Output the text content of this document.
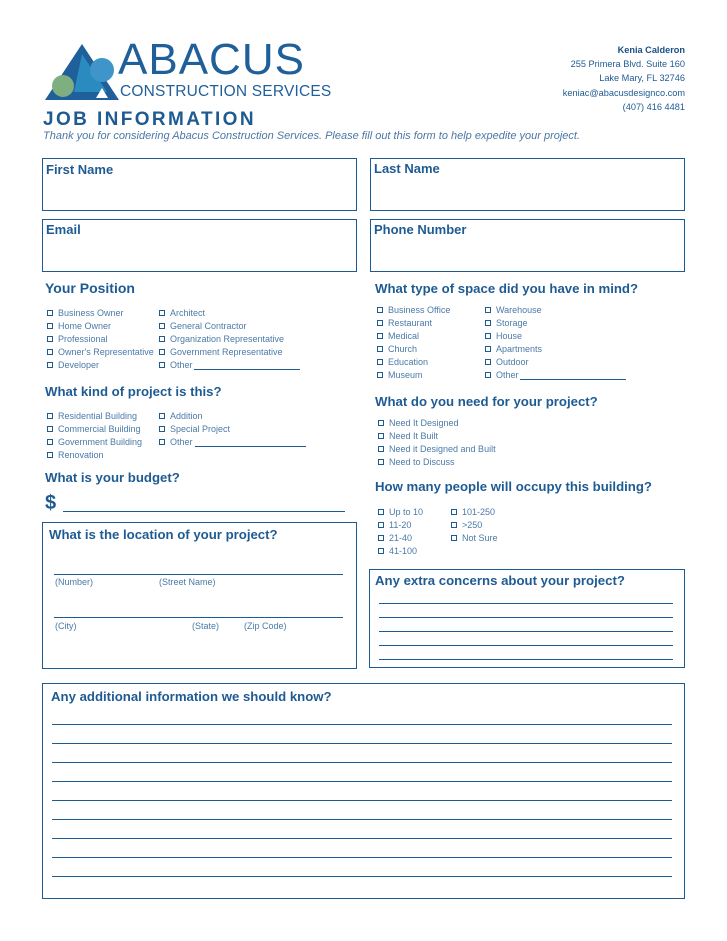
ABACUS
CONSTRUCTION SERVICES
Kenia Calderon
255 Primera Blvd. Suite 160
Lake Mary, FL 32746
keniac@abacusdesignco.com
(407) 416 4481
JOB INFORMATION
Thank you for considering Abacus Construction Services. Please fill out this form to help expedite your project.
First Name	Last Name
Email	Phone Number
Your Position
Business Owner
Home Owner
Professional
Owner's Representative
Developer
Architect
General Contractor
Organization Representative
Government Representative
Other
What kind of project is this?
Residential Building
Commercial Building
Government Building
Renovation
Addition
Special Project
Other
What is your budget?
$
What is the location of your project?
(Number)	(Street Name)
(City)	(State)	(Zip Code)
What type of space did you have in mind?
Business Office
Restaurant
Medical
Church
Education
Museum
Warehouse
Storage
House
Apartments
Outdoor
Other
What do you need for your project?
Need It Designed
Need It Built
Need it Designed and Built
Need to Discuss
How many people will occupy this building?
Up to 10
11-20
21-40
41-100
101-250
>250
Not Sure
Any extra concerns about your project?
Any additional information we should know?
